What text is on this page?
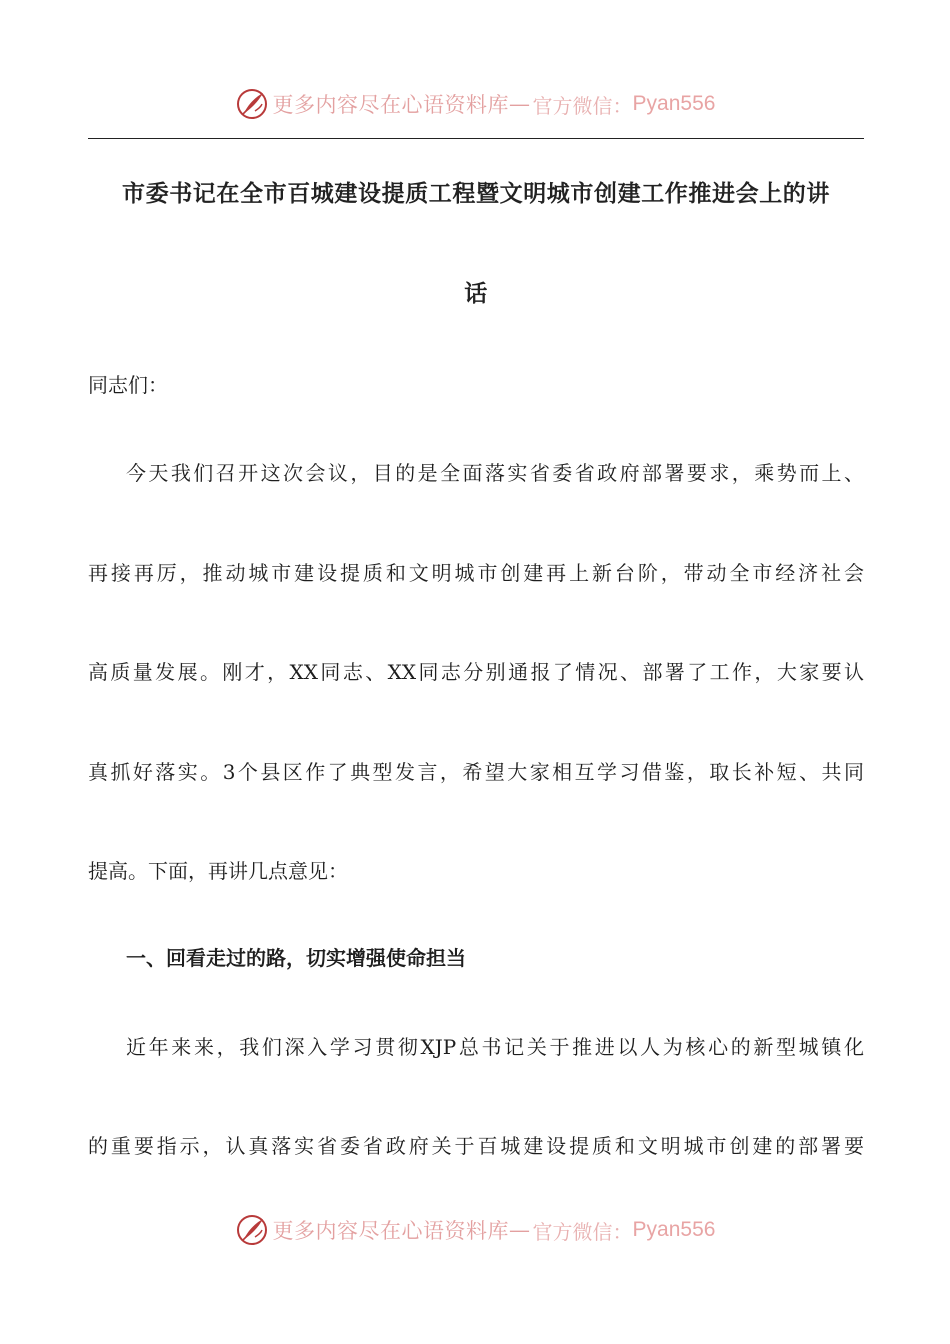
更多内容尽在心语资料库 — 官方微信： Pyan556
市委书记在全市百城建设提质工程暨文明城市创建工作推进会上的讲
话

同志们：

今天我们召开这次会议，目的是全面落实省委省政府部署要求，乘势而上、

再接再厉，推动城市建设提质和文明城市创建再上新台阶，带动全市经济社会

高质量发展。刚才，XX同志、XX同志分别通报了情况、部署了工作，大家要认

真抓好落实。3个县区作了典型发言，希望大家相互学习借鉴，取长补短、共同

提高。下面，再讲几点意见：

一、回看走过的路，切实增强使命担当

近年来来，我们深入学习贯彻XJP总书记关于推进以人为核心的新型城镇化

的重要指示，认真落实省委省政府关于百城建设提质和文明城市创建的部署要

更多内容尽在心语资料库 — 官方微信： Pyan556
